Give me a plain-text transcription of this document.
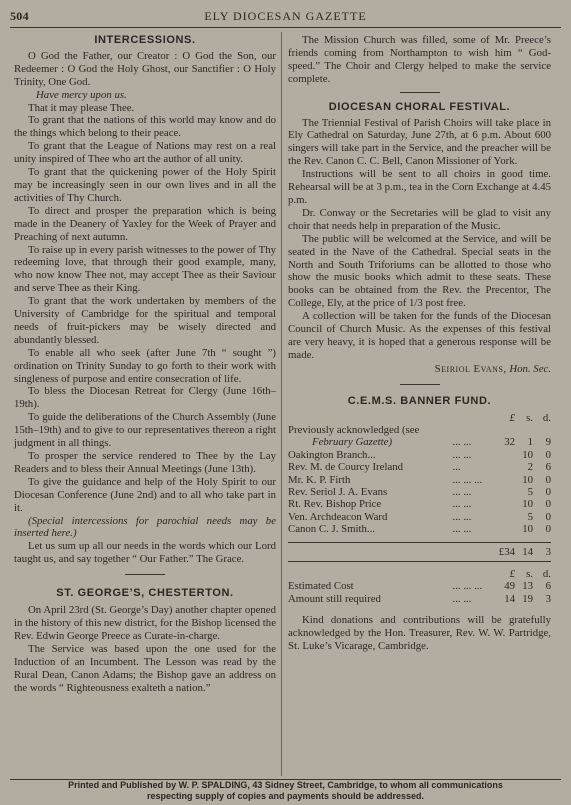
504	ELY DIOCESAN GAZETTE
INTERCESSIONS.

O God the Father, our Creator : O God the Son, our Redeemer : O God the Holy Ghost, our Sanctifier : O Holy Trinity, One God.

Have mercy upon us.

That it may please Thee.

To grant that the nations of this world may know and do the things which belong to their peace.

To grant that the League of Nations may rest on a real unity inspired of Thee who art the author of all unity.

To grant that the quickening power of the Holy Spirit may be increasingly seen in our own lives and in all the activities of Thy Church.

To direct and prosper the preparation which is being made in the Deanery of Yaxley for the Week of Prayer and Preaching of next autumn.

To raise up in every parish witnesses to the power of Thy redeeming love, that through their good example, many, who now know Thee not, may accept Thee as their Saviour and serve Thee as their King.

To grant that the work undertaken by members of the University of Cambridge for the spiritual and temporal needs of fruit-pickers may be wisely directed and abundantly blessed.

To enable all who seek (after June 7th “ sought ”) ordination on Trinity Sunday to go forth to their work with singleness of purpose and entire consecration of life.

To bless the Diocesan Retreat for Clergy (June 16th–19th).

To guide the deliberations of the Church Assembly (June 15th–19th) and to give to our representatives thereon a right judgment in all things.

To prosper the service rendered to Thee by the Lay Readers and to bless their Annual Meetings (June 13th).

To give the guidance and help of the Holy Spirit to our Diocesan Conference (June 2nd) and to all who take part in it.

(Special intercessions for parochial needs may be inserted here.)

Let us sum up all our needs in the words which our Lord taught us, and say together “ Our Father.” The Grace.

ST. GEORGE’S, CHESTERTON.

On April 23rd (St. George’s Day) another chapter opened in the history of this new district, for the Bishop licensed the Rev. Edwin George Preece as Curate-in-charge.

The Service was based upon the one used for the Induction of an Incumbent. The Lesson was read by the Rural Dean, Canon Adams; the Bishop gave an address on the words “ Righteousness exalteth a nation.”

The Mission Church was filled, some of Mr. Preece’s friends coming from Northampton to wish him “ God-speed.” The Choir and Clergy helped to make the service complete.

DIOCESAN CHORAL FESTIVAL.

The Triennial Festival of Parish Choirs will take place in Ely Cathedral on Saturday, June 27th, at 6 p.m. About 600 singers will take part in the Service, and the preacher will be the Rev. Canon C. C. Bell, Canon Missioner of York.

Instructions will be sent to all choirs in good time. Rehearsal will be at 3 p.m., tea in the Corn Exchange at 4.45 p.m.

Dr. Conway or the Secretaries will be glad to visit any choir that needs help in preparation of the Music.

The public will be welcomed at the Service, and will be seated in the Nave of the Cathedral. Special seats in the North and South Triforiums can be allotted to those who show the music books which admit to these seats. These books can be obtained from the Rev. the Precentor, The College, Ely, at the price of 1/3 post free.

A collection will be taken for the funds of the Diocesan Council of Church Music. As the expenses of this festival are very heavy, it is hoped that a generous response will be made.

Seiriol Evans, Hon. Sec.
C.E.M.S. BANNER FUND.
		£	s.	d.
Previously acknowledged (see				
February Gazette)	... ...	32	1	9
Oakington Branch...	... ...		10	0
Rev. M. de Courcy Ireland	...		2	6
Mr. K. P. Firth	... ... ...		10	0
Rev. Seriol J. A. Evans	... ...		5	0
Rt. Rev. Bishop Price	... ...		10	0
Ven. Archdeacon Ward	... ...		5	0
Canon C. J. Smith...	... ...		10	0

		£34	14	3
		£	s.	d.
Estimated Cost	... ... ...	49	13	6
Amount still required	... ...	14	19	3

Kind donations and contributions will be gratefully acknowledged by the Hon. Treasurer, Rev. W. W. Partridge, St. Luke’s Vicarage, Cambridge.

Printed and Published by W. P. SPALDING, 43 Sidney Street, Cambridge, to whom all communications
respecting supply of copies and payments should be addressed.
